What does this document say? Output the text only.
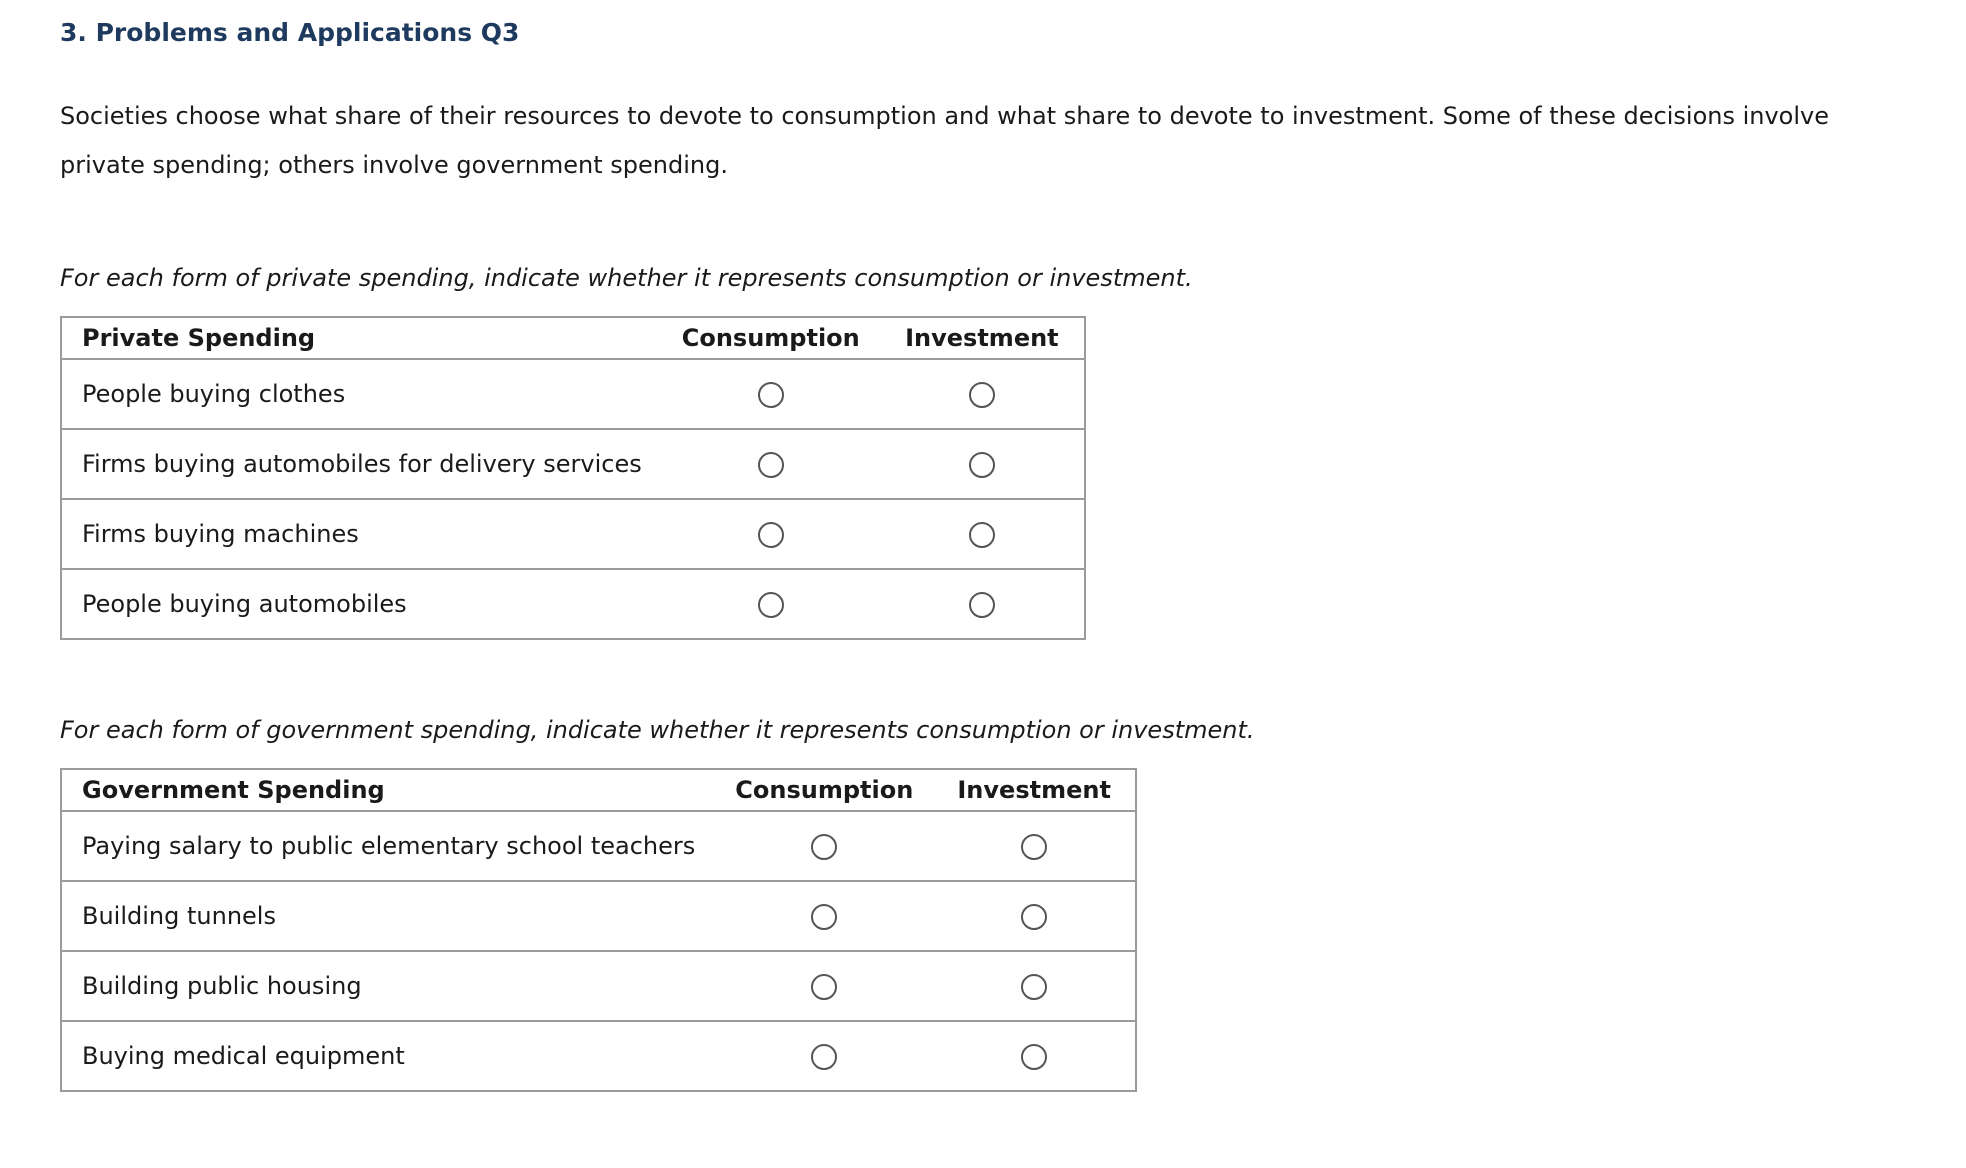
3. Problems and Applications Q3
Societies choose what share of their resources to devote to consumption and what share to devote to investment. Some of these decisions involve private spending; others involve government spending.

For each form of private spending, indicate whether it represents consumption or investment.

Private Spending	Consumption	Investment
People buying clothes		
Firms buying automobiles for delivery services		
Firms buying machines		
People buying automobiles		

For each form of government spending, indicate whether it represents consumption or investment.

Government Spending	Consumption	Investment
Paying salary to public elementary school teachers		
Building tunnels		
Building public housing		
Buying medical equipment		
